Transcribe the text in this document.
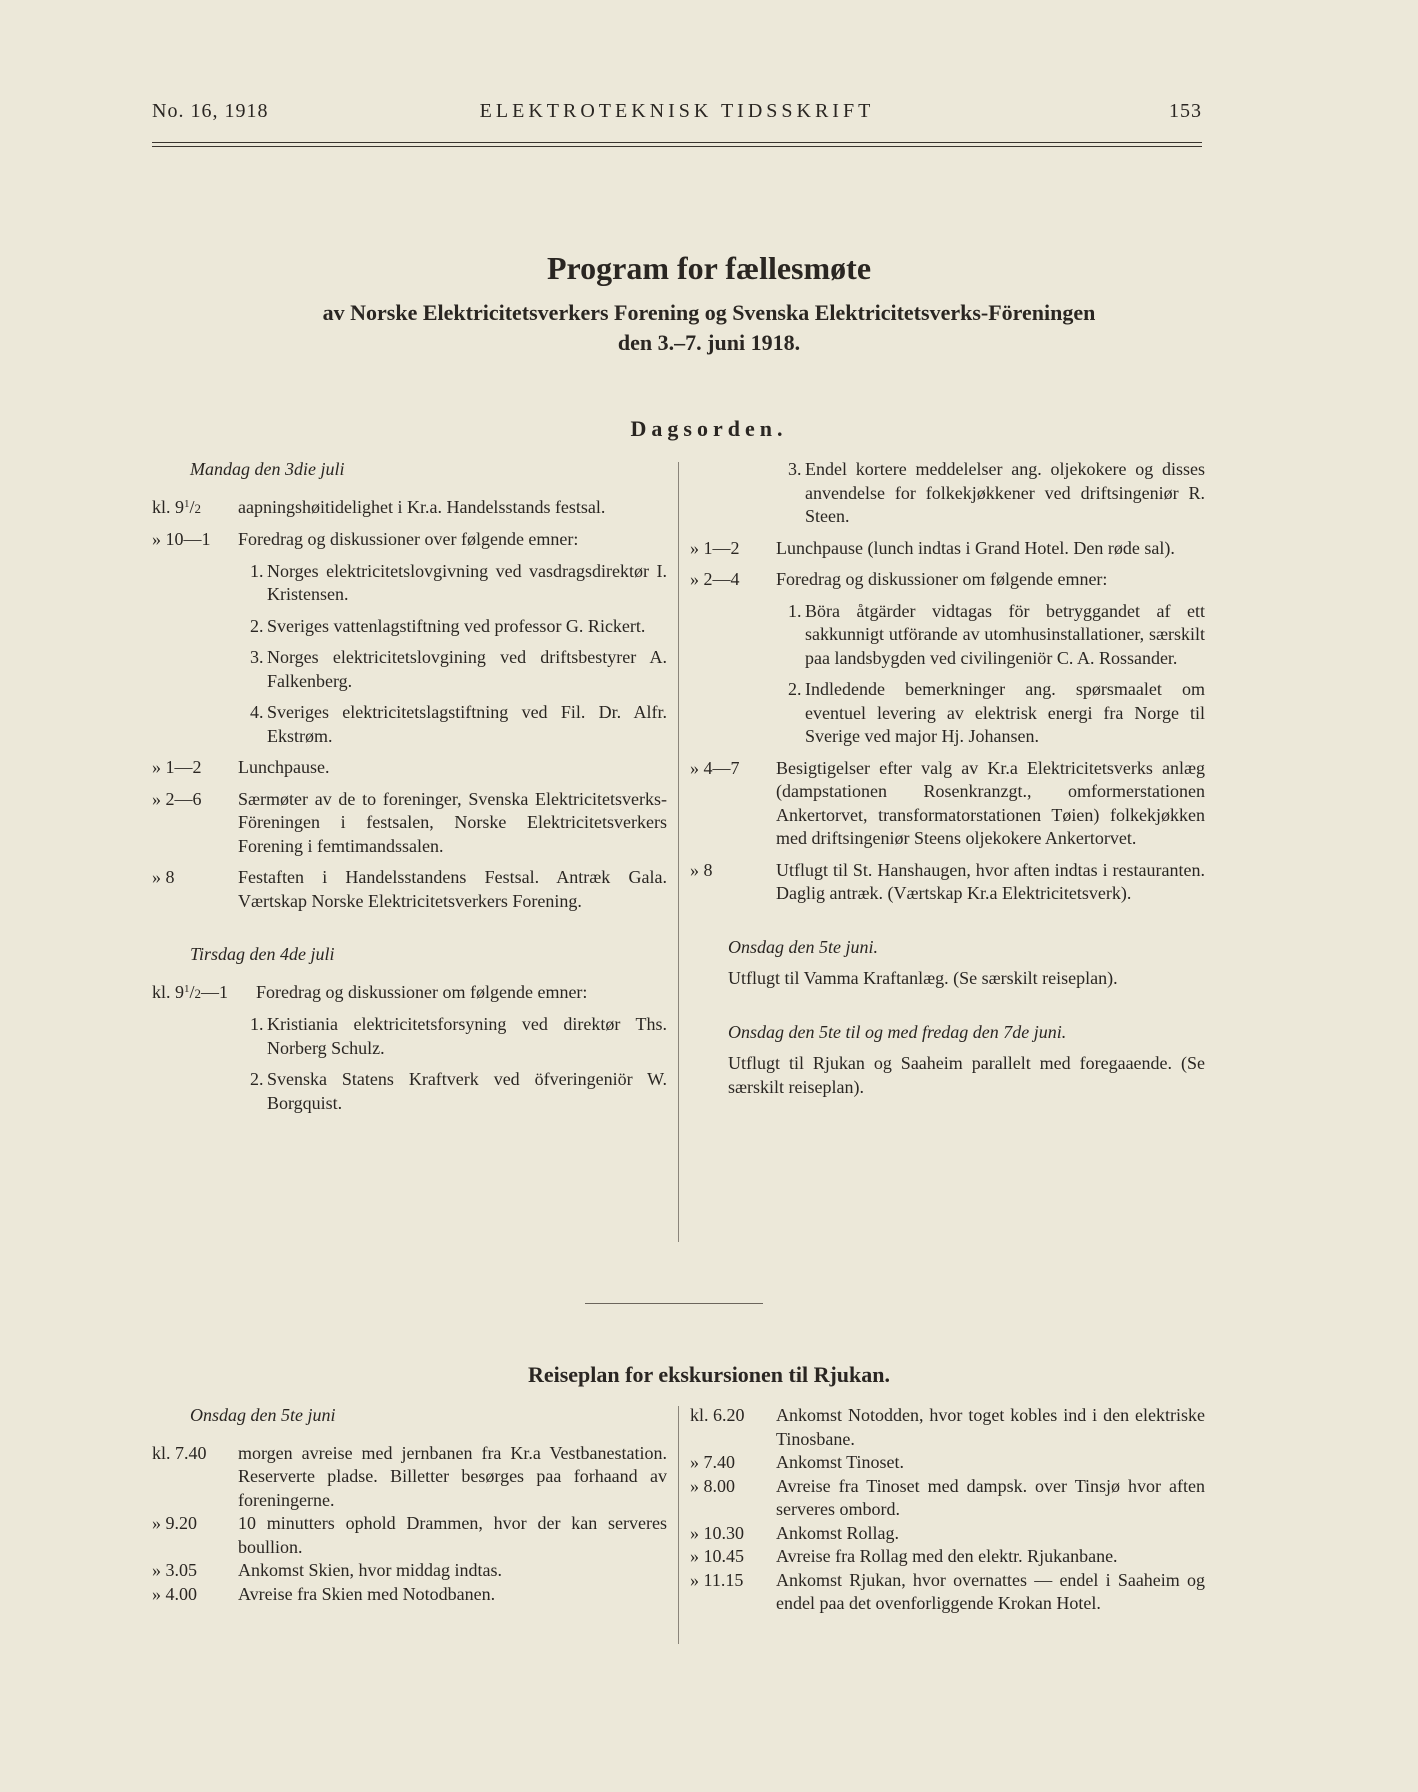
No. 16, 1918	ELEKTROTEKNISK TIDSSKRIFT	153
Program for fællesmøte
av Norske Elektricitetsverkers Forening og Svenska Elektricitetsverks-Föreningen
den 3.–7. juni 1918.
Dagsorden.
Mandag den 3die juli
kl. $9^1/2$	aapningshøitidelighet i Kr.a. Handelsstands festsal.
» 10—1	Foredrag og diskussioner over følgende emner:
1. Norges elektricitetslovgivning ved vasdragsdirektør I. Kristensen.
2. Sveriges vattenlagstiftning ved professor G. Rickert.
3. Norges elektricitetslovgining ved driftsbestyrer A. Falkenberg.
4. Sveriges elektricitetslagstiftning ved Fil. Dr. Alfr. Ekstrøm.
» 1—2	Lunchpause.
» 2—6	Særmøter av de to foreninger, Svenska Elektricitetsverks-Föreningen i festsalen, Norske Elektricitetsverkers Forening i femtimandssalen.
» 8	Festaften i Handelsstandens Festsal. Antræk Gala. Værtskap Norske Elektricitetsverkers Forening.
Tirsdag den 4de juli
kl. $9^1/2—1$	Foredrag og diskussioner om følgende emner:
1. Kristiania elektricitetsforsyning ved direktør Ths. Norberg Schulz.
2. Svenska Statens Kraftverk ved öfveringeniör W. Borgquist.
3. Endel kortere meddelelser ang. oljekokere og disses anvendelse for folkekjøkkener ved driftsingeniør R. Steen.
» 1—2	Lunchpause (lunch indtas i Grand Hotel. Den røde sal).
» 2—4	Foredrag og diskussioner om følgende emner:
1. Böra åtgärder vidtagas för betryggandet af ett sakkunnigt utförande av utomhusinstallationer, særskilt paa landsbygden ved civilingeniör C. A. Rossander.
2. Indledende bemerkninger ang. spørsmaalet om eventuel levering av elektrisk energi fra Norge til Sverige ved major Hj. Johansen.
» 4—7	Besigtigelser efter valg av Kr.a Elektricitetsverks anlæg (dampstationen Rosenkranzgt., omformerstationen Ankertorvet, transformatorstationen Tøien) folkekjøkken med driftsingeniør Steens oljekokere Ankertorvet.
» 8	Utflugt til St. Hanshaugen, hvor aften indtas i restauranten. Daglig antræk. (Værtskap Kr.a Elektricitetsverk).
Onsdag den 5te juni.
Utflugt til Vamma Kraftanlæg. (Se særskilt reiseplan).
Onsdag den 5te til og med fredag den 7de juni.
Utflugt til Rjukan og Saaheim parallelt med foregaaende. (Se særskilt reiseplan).
Reiseplan for ekskursionen til Rjukan.
Onsdag den 5te juni
kl. 7.40	morgen avreise med jernbanen fra Kr.a Vestbanestation. Reserverte pladse. Billetter besørges paa forhaand av foreningerne.
» 9.20	10 minutters ophold Drammen, hvor der kan serveres boullion.
» 3.05	Ankomst Skien, hvor middag indtas.
» 4.00	Avreise fra Skien med Notodbanen.
kl. 6.20	Ankomst Notodden, hvor toget kobles ind i den elektriske Tinosbane.
» 7.40	Ankomst Tinoset.
» 8.00	Avreise fra Tinoset med dampsk. over Tinsjø hvor aften serveres ombord.
» 10.30	Ankomst Rollag.
» 10.45	Avreise fra Rollag med den elektr. Rjukanbane.
» 11.15	Ankomst Rjukan, hvor overnattes — endel i Saaheim og endel paa det ovenforliggende Krokan Hotel.
